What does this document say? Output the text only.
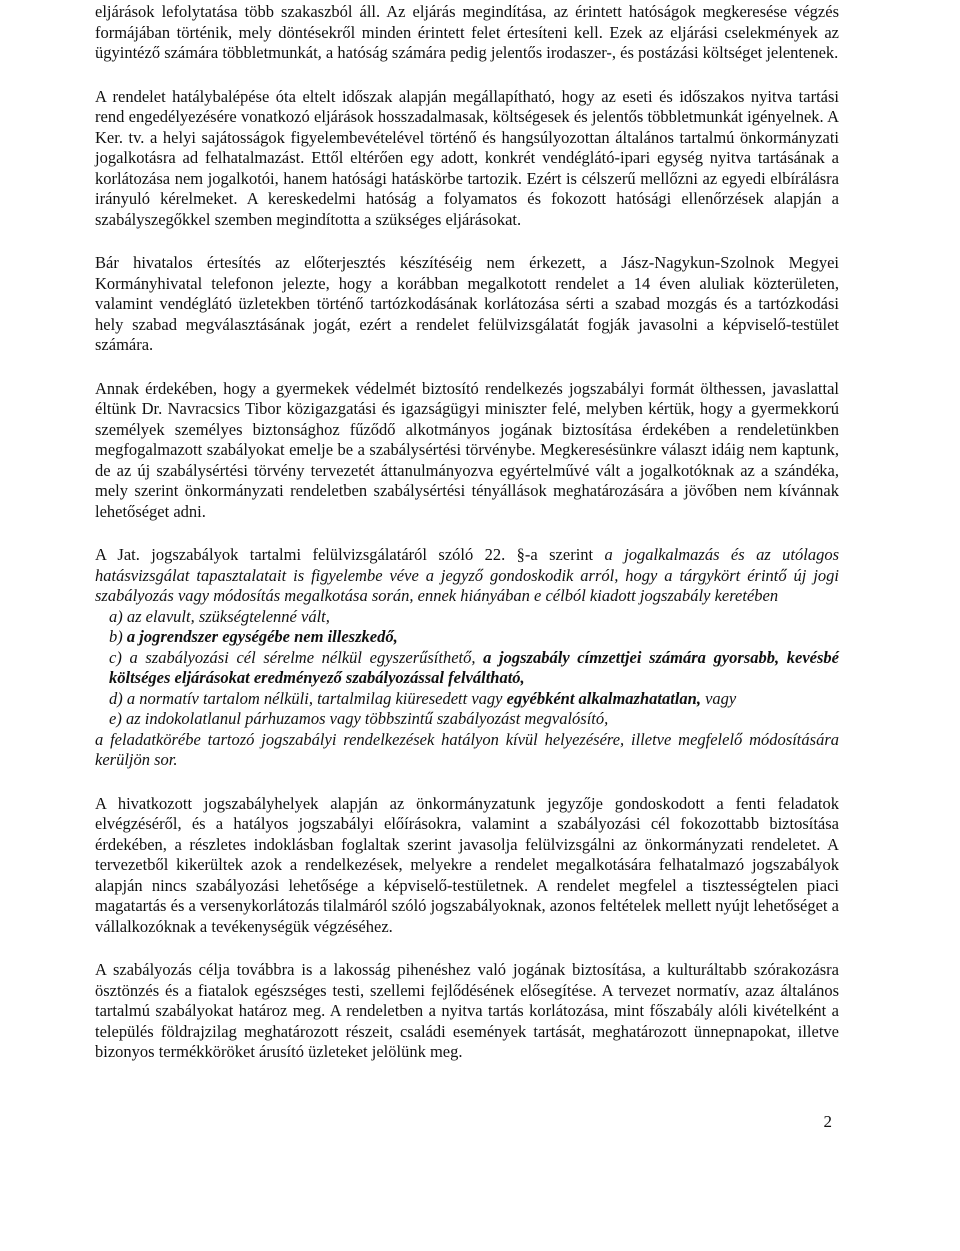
eljárások lefolytatása több szakaszból áll. Az eljárás megindítása, az érintett hatóságok megkeresése végzés formájában történik, mely döntésekről minden érintett felet értesíteni kell. Ezek az eljárási cselekmények az ügyintéző számára többletmunkát, a hatóság számára pedig jelentős irodaszer-, és postázási költséget jelentenek.

A rendelet hatálybalépése óta eltelt időszak alapján megállapítható, hogy az eseti és időszakos nyitva tartási rend engedélyezésére vonatkozó eljárások hosszadalmasak, költségesek és jelentős többletmunkát igényelnek. A Ker. tv. a helyi sajátosságok figyelembevételével történő és hangsúlyozottan általános tartalmú önkormányzati jogalkotásra ad felhatalmazást. Ettől eltérően egy adott, konkrét vendéglátó-ipari egység nyitva tartásának a korlátozása nem jogalkotói, hanem hatósági hatáskörbe tartozik. Ezért is célszerű mellőzni az egyedi elbírálásra irányuló kérelmeket. A kereskedelmi hatóság a folyamatos és fokozott hatósági ellenőrzések alapján a szabályszegőkkel szemben megindította a szükséges eljárásokat.

Bár hivatalos értesítés az előterjesztés készítéséig nem érkezett, a Jász-Nagykun-Szolnok Megyei Kormányhivatal telefonon jelezte, hogy a korábban megalkotott rendelet a 14 éven aluliak közterületen, valamint vendéglátó üzletekben történő tartózkodásának korlátozása sérti a szabad mozgás és a tartózkodási hely szabad megválasztásának jogát, ezért a rendelet felülvizsgálatát fogják javasolni a képviselő-testület számára.

Annak érdekében, hogy a gyermekek védelmét biztosító rendelkezés jogszabályi formát ölthessen, javaslattal éltünk Dr. Navracsics Tibor közigazgatási és igazságügyi miniszter felé, melyben kértük, hogy a gyermekkorú személyek személyes biztonsághoz fűződő alkotmányos jogának biztosítása érdekében a rendeletünkben megfogalmazott szabályokat emelje be a szabálysértési törvénybe. Megkeresésünkre választ idáig nem kaptunk, de az új szabálysértési törvény tervezetét áttanulmányozva egyértelművé vált a jogalkotóknak az a szándéka, mely szerint önkormányzati rendeletben szabálysértési tényállások meghatározására a jövőben nem kívánnak lehetőséget adni.

A Jat. jogszabályok tartalmi felülvizsgálatáról szóló 22. §-a szerint a jogalkalmazás és az utólagos hatásvizsgálat tapasztalatait is figyelembe véve a jegyző gondoskodik arról, hogy a tárgykört érintő új jogi szabályozás vagy módosítás megalkotása során, ennek hiányában e célból kiadott jogszabály keretében

a) az elavult, szükségtelenné vált,

b) a jogrendszer egységébe nem illeszkedő,

c) a szabályozási cél sérelme nélkül egyszerűsíthető, a jogszabály címzettjei számára gyorsabb, kevésbé költséges eljárásokat eredményező szabályozással felváltható,

d) a normatív tartalom nélküli, tartalmilag kiüresedett vagy egyébként alkalmazhatatlan, vagy

e) az indokolatlanul párhuzamos vagy többszintű szabályozást megvalósító,

a feladatkörébe tartozó jogszabályi rendelkezések hatályon kívül helyezésére, illetve megfelelő módosítására kerüljön sor.

A hivatkozott jogszabályhelyek alapján az önkormányzatunk jegyzője gondoskodott a fenti feladatok elvégzéséről, és a hatályos jogszabályi előírásokra, valamint a szabályozási cél fokozottabb biztosítása érdekében, a részletes indoklásban foglaltak szerint javasolja felülvizsgálni az önkormányzati rendeletet. A tervezetből kikerültek azok a rendelkezések, melyekre a rendelet megalkotására felhatalmazó jogszabályok alapján nincs szabályozási lehetősége a képviselő-testületnek. A rendelet megfelel a tisztességtelen piaci magatartás és a versenykorlátozás tilalmáról szóló jogszabályoknak, azonos feltételek mellett nyújt lehetőséget a vállalkozóknak a tevékenységük végzéséhez.

A szabályozás célja továbbra is a lakosság pihenéshez való jogának biztosítása, a kulturáltabb szórakozásra ösztönzés és a fiatalok egészséges testi, szellemi fejlődésének elősegítése. A tervezet normatív, azaz általános tartalmú szabályokat határoz meg. A rendeletben a nyitva tartás korlátozása, mint főszabály alóli kivételként a település földrajzilag meghatározott részeit, családi események tartását, meghatározott ünnepnapokat, illetve bizonyos termékköröket árusító üzleteket jelölünk meg.

2
